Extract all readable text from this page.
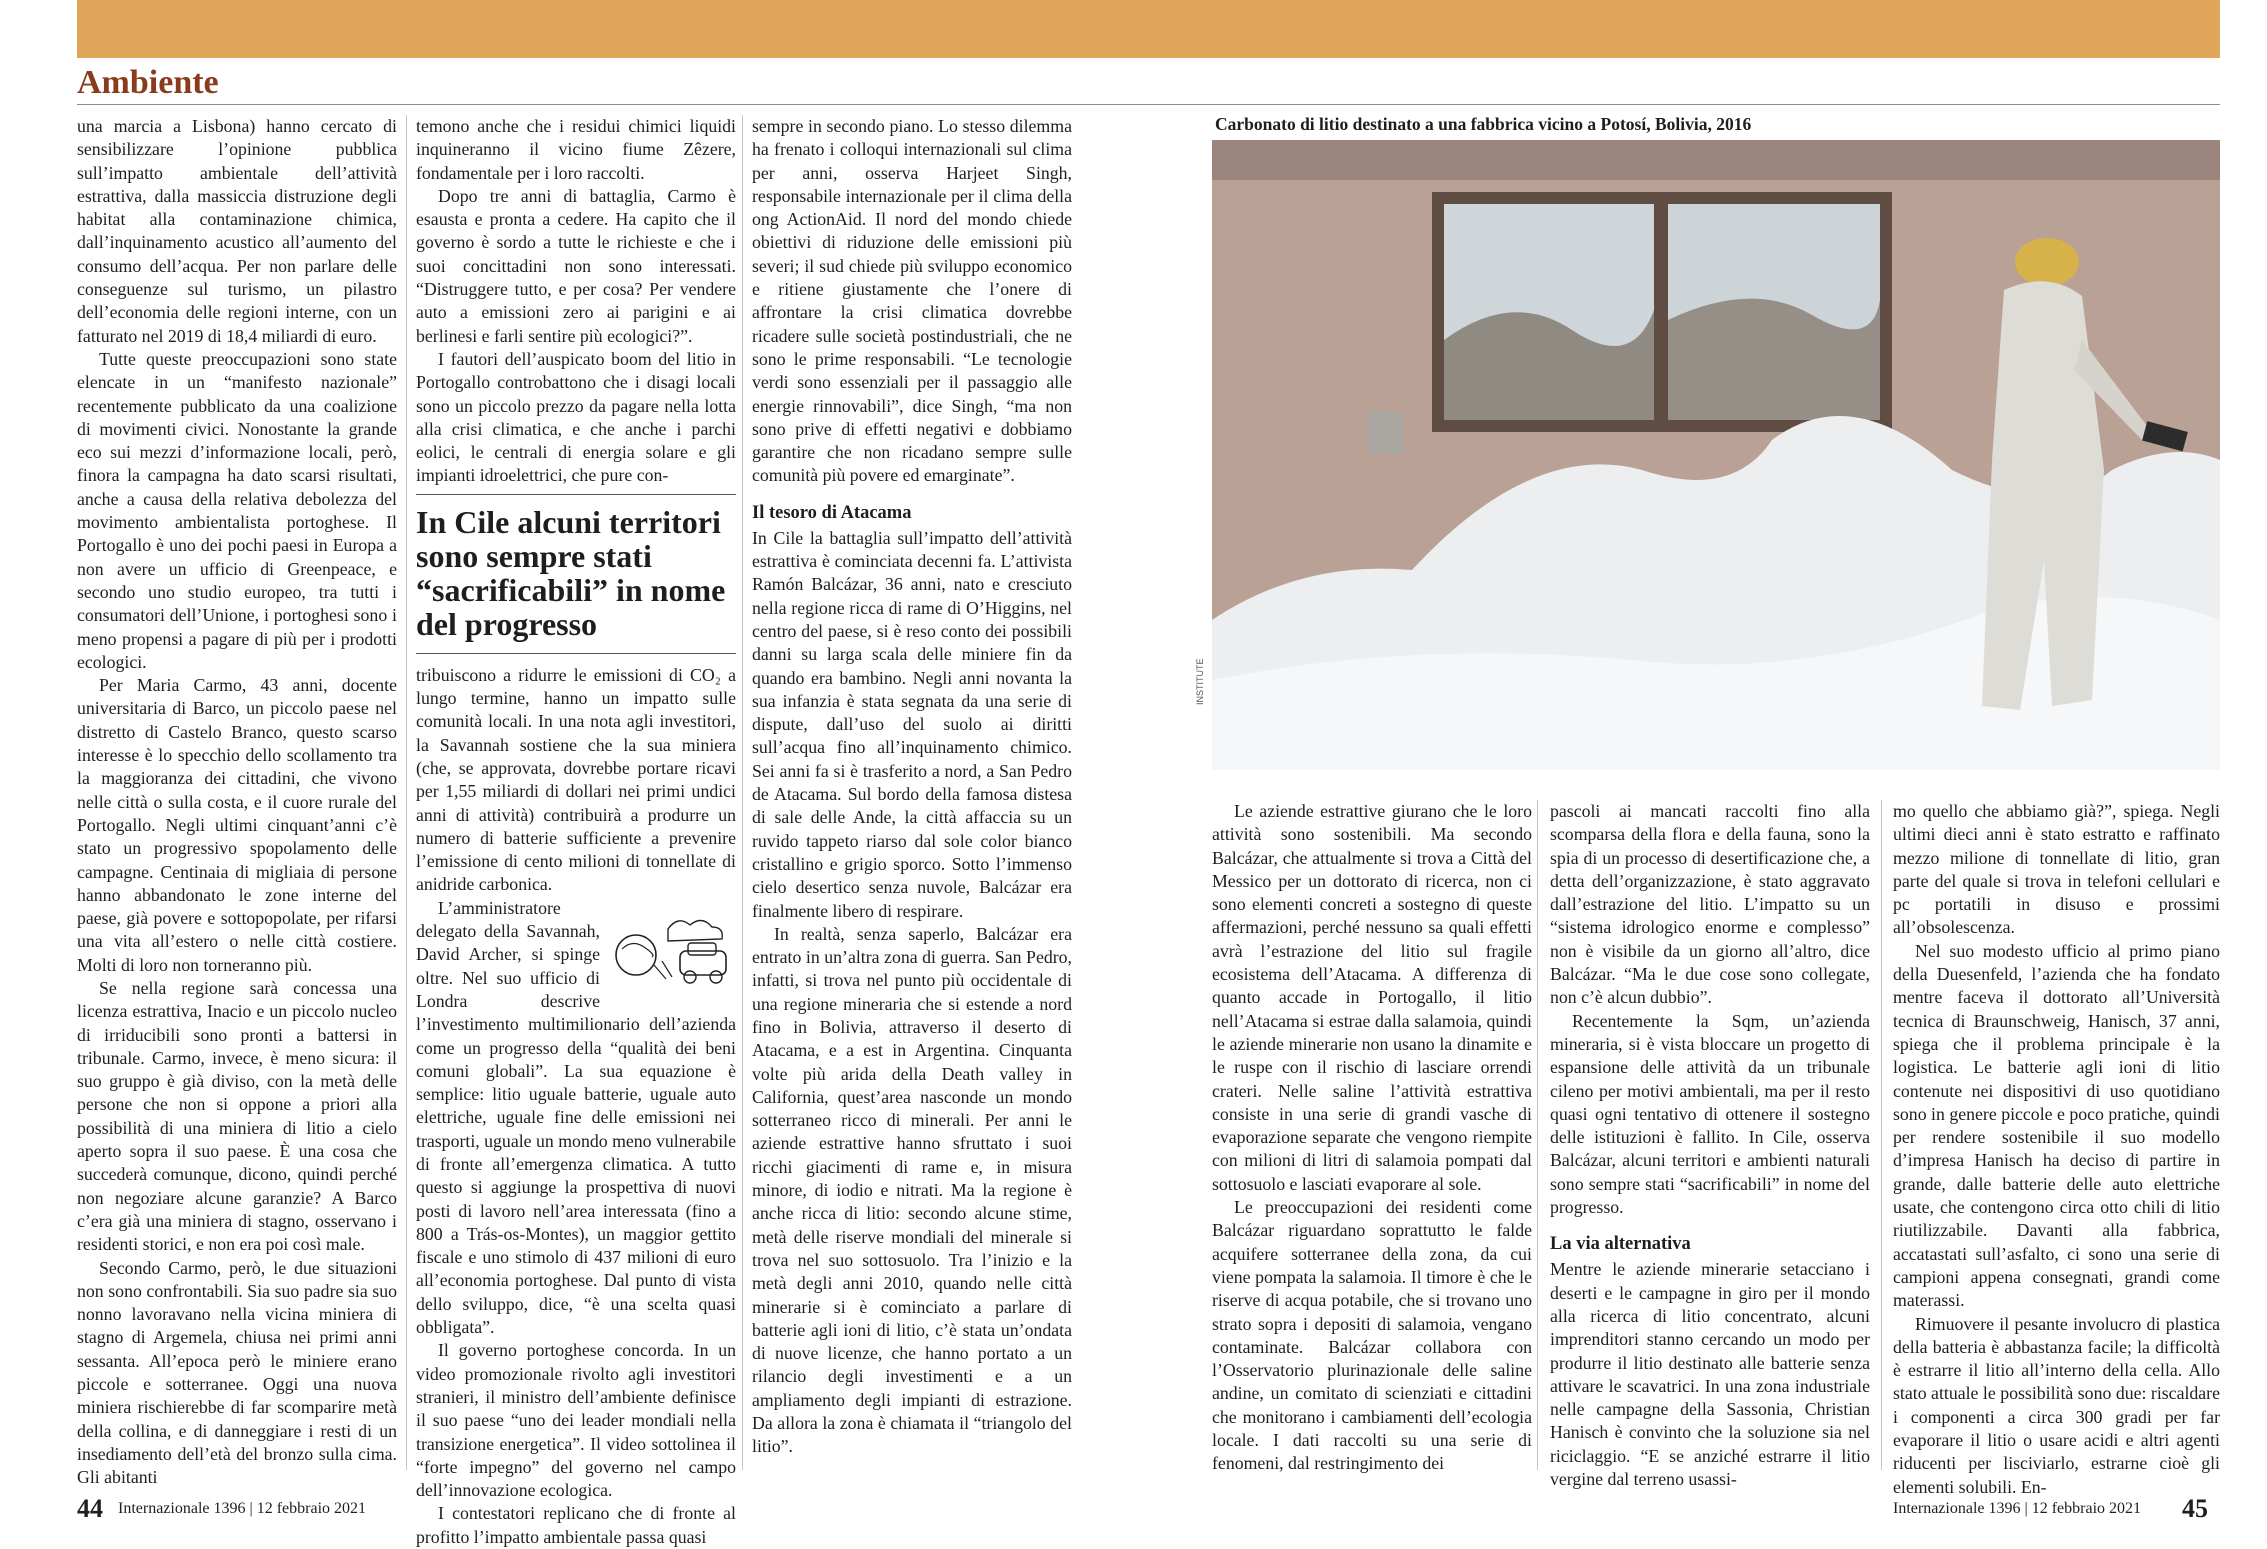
Ambiente

una marcia a Lisbona) hanno cercato di sensibilizzare l’opinione pubblica sull’impatto ambientale dell’attività estrattiva, dalla massiccia distruzione degli habitat alla contaminazione chimica, dall’inquinamento acustico all’aumento del consumo dell’acqua. Per non parlare delle conseguenze sul turismo, un pilastro dell’economia delle regioni interne, con un fatturato nel 2019 di 18,4 miliardi di euro.

Tutte queste preoccupazioni sono state elencate in un “manifesto nazionale” recentemente pubblicato da una coalizione di movimenti civici. Nonostante la grande eco sui mezzi d’informazione locali, però, finora la campagna ha dato scarsi risultati, anche a causa della relativa debolezza del movimento ambientalista portoghese. Il Portogallo è uno dei pochi paesi in Europa a non avere un ufficio di Greenpeace, e secondo uno studio europeo, tra tutti i consumatori dell’Unione, i portoghesi sono i meno propensi a pagare di più per i prodotti ecologici.

Per Maria Carmo, 43 anni, docente universitaria di Barco, un piccolo paese nel distretto di Castelo Branco, questo scarso interesse è lo specchio dello scollamento tra la maggioranza dei cittadini, che vivono nelle città o sulla costa, e il cuore rurale del Portogallo. Negli ultimi cinquant’anni c’è stato un progressivo spopolamento delle campagne. Centinaia di migliaia di persone hanno abbandonato le zone interne del paese, già povere e sottopopolate, per rifarsi una vita all’estero o nelle città costiere. Molti di loro non torneranno più.

Se nella regione sarà concessa una licenza estrattiva, Inacio e un piccolo nucleo di irriducibili sono pronti a battersi in tribunale. Carmo, invece, è meno sicura: il suo gruppo è già diviso, con la metà delle persone che non si oppone a priori alla possibilità di una miniera di litio a cielo aperto sopra il suo paese. È una cosa che succederà comunque, dicono, quindi perché non negoziare alcune garanzie? A Barco c’era già una miniera di stagno, osservano i residenti storici, e non era poi così male.

Secondo Carmo, però, le due situazioni non sono confrontabili. Sia suo padre sia suo nonno lavoravano nella vicina miniera di stagno di Argemela, chiusa nei primi anni sessanta. All’epoca però le miniere erano piccole e sotterranee. Oggi una nuova miniera rischierebbe di far scomparire metà della collina, e di danneggiare i resti di un insediamento dell’età del bronzo sulla cima. Gli abitanti

temono anche che i residui chimici liquidi inquineranno il vicino fiume Zêzere, fondamentale per i loro raccolti.

Dopo tre anni di battaglia, Carmo è esausta e pronta a cedere. Ha capito che il governo è sordo a tutte le richieste e che i suoi concittadini non sono interessati. “Distruggere tutto, e per cosa? Per vendere auto a emissioni zero ai parigini e ai berlinesi e farli sentire più ecologici?”.

I fautori dell’auspicato boom del litio in Portogallo controbattono che i disagi locali sono un piccolo prezzo da pagare nella lotta alla crisi climatica, e che anche i parchi eolici, le centrali di energia solare e gli impianti idroelettrici, che pure con-

In Cile alcuni territori sono sempre stati “sacrificabili” in nome del progresso

tribuiscono a ridurre le emissioni di CO₂ a lungo termine, hanno un impatto sulle comunità locali. In una nota agli investitori, la Savannah sostiene che la sua miniera (che, se approvata, dovrebbe portare ricavi per 1,55 miliardi di dollari nei primi undici anni di attività) contribuirà a produrre un numero di batterie sufficiente a prevenire l’emissione di cento milioni di tonnellate di anidride carbonica.

L’amministratore delegato della Savannah, David Archer, si spinge oltre. Nel suo ufficio di Londra descrive l’investimento multimilionario dell’azienda come un progresso della “qualità dei beni comuni globali”. La sua equazione è semplice: litio uguale batterie, uguale auto elettriche, uguale fine delle emissioni nei trasporti, uguale un mondo meno vulnerabile di fronte all’emergenza climatica. A tutto questo si aggiunge la prospettiva di nuovi posti di lavoro nell’area interessata (fino a 800 a Trás-os-Montes), un maggior gettito fiscale e uno stimolo di 437 milioni di euro all’economia portoghese. Dal punto di vista dello sviluppo, dice, “è una scelta quasi obbligata”.

Il governo portoghese concorda. In un video promozionale rivolto agli investitori stranieri, il ministro dell’ambiente definisce il suo paese “uno dei leader mondiali nella transizione energetica”. Il video sottolinea il “forte impegno” del governo nel campo dell’innovazione ecologica.

I contestatori replicano che di fronte al profitto l’impatto ambientale passa quasi

sempre in secondo piano. Lo stesso dilemma ha frenato i colloqui internazionali sul clima per anni, osserva Harjeet Singh, responsabile internazionale per il clima della ong ActionAid. Il nord del mondo chiede obiettivi di riduzione delle emissioni più severi; il sud chiede più sviluppo economico e ritiene giustamente che l’onere di affrontare la crisi climatica dovrebbe ricadere sulle società postindustriali, che ne sono le prime responsabili. “Le tecnologie verdi sono essenziali per il passaggio alle energie rinnovabili”, dice Singh, “ma non sono prive di effetti negativi e dobbiamo garantire che non ricadano sempre sulle comunità più povere ed emarginate”.

Il tesoro di Atacama

In Cile la battaglia sull’impatto dell’attività estrattiva è cominciata decenni fa. L’attivista Ramón Balcázar, 36 anni, nato e cresciuto nella regione ricca di rame di O’Higgins, nel centro del paese, si è reso conto dei possibili danni su larga scala delle miniere fin da quando era bambino. Negli anni novanta la sua infanzia è stata segnata da una serie di dispute, dall’uso del suolo ai diritti sull’acqua fino all’inquinamento chimico. Sei anni fa si è trasferito a nord, a San Pedro de Atacama. Sul bordo della famosa distesa di sale delle Ande, la città affaccia su un ruvido tappeto riarso dal sole color bianco cristallino e grigio sporco. Sotto l’immenso cielo desertico senza nuvole, Balcázar era finalmente libero di respirare.

In realtà, senza saperlo, Balcázar era entrato in un’altra zona di guerra. San Pedro, infatti, si trova nel punto più occidentale di una regione mineraria che si estende a nord fino in Bolivia, attraverso il deserto di Atacama, e a est in Argentina. Cinquanta volte più arida della Death valley in California, quest’area nasconde un mondo sotterraneo ricco di minerali. Per anni le aziende estrattive hanno sfruttato i suoi ricchi giacimenti di rame e, in misura minore, di iodio e nitrati. Ma la regione è anche ricca di litio: secondo alcune stime, metà delle riserve mondiali del minerale si trova nel suo sottosuolo. Tra l’inizio e la metà degli anni 2010, quando nelle città minerarie si è cominciato a parlare di batterie agli ioni di litio, c’è stata un’ondata di nuove licenze, che hanno portato a un rilancio degli investimenti e a un ampliamento degli impianti di estrazione. Da allora la zona è chiamata il “triangolo del litio”.

Carbonato di litio destinato a una fabbrica vicino a Potosí, Bolivia, 2016
INSTITUTE

Le aziende estrattive giurano che le loro attività sono sostenibili. Ma secondo Balcázar, che attualmente si trova a Città del Messico per un dottorato di ricerca, non ci sono elementi concreti a sostegno di queste affermazioni, perché nessuno sa quali effetti avrà l’estrazione del litio sul fragile ecosistema dell’Atacama. A differenza di quanto accade in Portogallo, il litio nell’Atacama si estrae dalla salamoia, quindi le aziende minerarie non usano la dinamite e le ruspe con il rischio di lasciare orrendi crateri. Nelle saline l’attività estrattiva consiste in una serie di grandi vasche di evaporazione separate che vengono riempite con milioni di litri di salamoia pompati dal sottosuolo e lasciati evaporare al sole.

Le preoccupazioni dei residenti come Balcázar riguardano soprattutto le falde acquifere sotterranee della zona, da cui viene pompata la salamoia. Il timore è che le riserve di acqua potabile, che si trovano uno strato sopra i depositi di salamoia, vengano contaminate. Balcázar collabora con l’Osservatorio plurinazionale delle saline andine, un comitato di scienziati e cittadini che monitorano i cambiamenti dell’ecologia locale. I dati raccolti su una serie di fenomeni, dal restringimento dei

pascoli ai mancati raccolti fino alla scomparsa della flora e della fauna, sono la spia di un processo di desertificazione che, a detta dell’organizzazione, è stato aggravato dall’estrazione del litio. L’impatto su un “sistema idrologico enorme e complesso” non è visibile da un giorno all’altro, dice Balcázar. “Ma le due cose sono collegate, non c’è alcun dubbio”.

Recentemente la Sqm, un’azienda mineraria, si è vista bloccare un progetto di espansione delle attività da un tribunale cileno per motivi ambientali, ma per il resto quasi ogni tentativo di ottenere il sostegno delle istituzioni è fallito. In Cile, osserva Balcázar, alcuni territori e ambienti naturali sono sempre stati “sacrificabili” in nome del progresso.

La via alternativa

Mentre le aziende minerarie setacciano i deserti e le campagne in giro per il mondo alla ricerca di litio concentrato, alcuni imprenditori stanno cercando un modo per produrre il litio destinato alle batterie senza attivare le scavatrici. In una zona industriale nelle campagne della Sassonia, Christian Hanisch è convinto che la soluzione sia nel riciclaggio. “E se anziché estrarre il litio vergine dal terreno usassi-

mo quello che abbiamo già?”, spiega. Negli ultimi dieci anni è stato estratto e raffinato mezzo milione di tonnellate di litio, gran parte del quale si trova in telefoni cellulari e pc portatili in disuso e prossimi all’obsolescenza.

Nel suo modesto ufficio al primo piano della Duesenfeld, l’azienda che ha fondato mentre faceva il dottorato all’Università tecnica di Braunschweig, Hanisch, 37 anni, spiega che il problema principale è la logistica. Le batterie agli ioni di litio contenute nei dispositivi di uso quotidiano sono in genere piccole e poco pratiche, quindi per rendere sostenibile il suo modello d’impresa Hanisch ha deciso di partire in grande, dalle batterie delle auto elettriche usate, che contengono circa otto chili di litio riutilizzabile. Davanti alla fabbrica, accatastati sull’asfalto, ci sono una serie di campioni appena consegnati, grandi come materassi.

Rimuovere il pesante involucro di plastica della batteria è abbastanza facile; la difficoltà è estrarre il litio all’interno della cella. Allo stato attuale le possibilità sono due: riscaldare i componenti a circa 300 gradi per far evaporare il litio o usare acidi e altri agenti riducenti per lisciviarlo, estrarne cioè gli elementi solubili. En-

44 Internazionale 1396 | 12 febbraio 2021	Internazionale 1396 | 12 febbraio 2021 45
